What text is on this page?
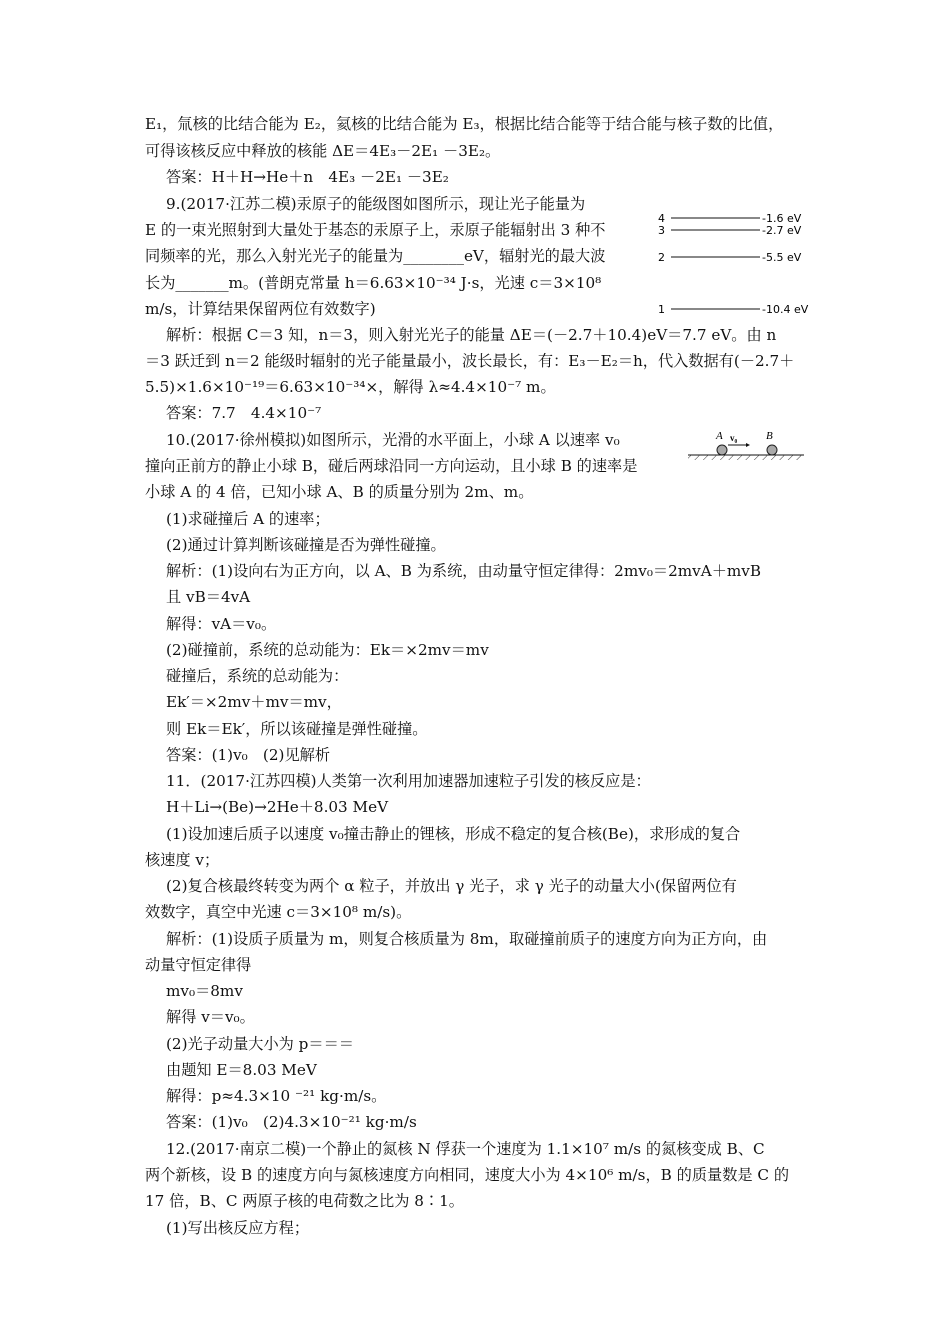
E₁，氚核的比结合能为 E₂，氦核的比结合能为 E₃，根据比结合能等于结合能与核子数的比值，
可得该核反应中释放的核能 ΔE＝4E₃－2E₁ －3E₂。
答案：H＋H→He＋n　4E₃ －2E₁ －3E₂
9.(2017·江苏二模)汞原子的能级图如图所示，现让光子能量为
E 的一束光照射到大量处于基态的汞原子上，汞原子能辐射出 3 种不
同频率的光，那么入射光光子的能量为________eV，辐射光的最大波
长为_______m。(普朗克常量 h＝6.63×10⁻³⁴ J·s，光速 c＝3×10⁸
m/s，计算结果保留两位有效数字)
解析：根据 C＝3 知，n＝3，则入射光光子的能量 ΔE＝(－2.7＋10.4)eV＝7.7 eV。由 n
＝3 跃迁到 n＝2 能级时辐射的光子能量最小，波长最长，有：E₃－E₂＝h，代入数据有(－2.7＋
5.5)×1.6×10⁻¹⁹＝6.63×10⁻³⁴×，解得 λ≈4.4×10⁻⁷ m。
答案：7.7　4.4×10⁻⁷
10.(2017·徐州模拟)如图所示，光滑的水平面上，小球 A 以速率 v₀
撞向正前方的静止小球 B，碰后两球沿同一方向运动，且小球 B 的速率是
小球 A 的 4 倍，已知小球 A、B 的质量分别为 2m、m。
(1)求碰撞后 A 的速率；
(2)通过计算判断该碰撞是否为弹性碰撞。
解析：(1)设向右为正方向，以 A、B 为系统，由动量守恒定律得：2mv₀＝2mvA＋mvB
且 vB＝4vA
解得：vA＝v₀。
(2)碰撞前，系统的总动能为：Ek＝×2mv＝mv
碰撞后，系统的总动能为：
Ek′＝×2mv＋mv＝mv，
则 Ek＝Ek′，所以该碰撞是弹性碰撞。
答案：(1)v₀　(2)见解析
11．(2017·江苏四模)人类第一次利用加速器加速粒子引发的核反应是：
H＋Li→(Be)→2He＋8.03 MeV
(1)设加速后质子以速度 v₀撞击静止的锂核，形成不稳定的复合核(Be)，求形成的复合
核速度 v；
(2)复合核最终转变为两个 α 粒子，并放出 γ 光子，求 γ 光子的动量大小(保留两位有
效数字，真空中光速 c＝3×10⁸ m/s)。
解析：(1)设质子质量为 m，则复合核质量为 8m，取碰撞前质子的速度方向为正方向，由
动量守恒定律得
mv₀＝8mv
解得 v＝v₀。
(2)光子动量大小为 p＝＝＝
由题知 E＝8.03 MeV
解得：p≈4.3×10 ⁻²¹ kg·m/s。
答案：(1)v₀　(2)4.3×10⁻²¹ kg·m/s
12.(2017·南京二模)一个静止的氮核 N 俘获一个速度为 1.1×10⁷ m/s 的氮核变成 B、C
两个新核，设 B 的速度方向与氮核速度方向相同，速度大小为 4×10⁶ m/s，B 的质量数是 C 的
17 倍，B、C 两原子核的电荷数之比为 8∶1。
(1)写出核反应方程；
4	-1.6 eV
3	-2.7 eV
2	-5.5 eV
1	-10.4 eV
A v₀	B
